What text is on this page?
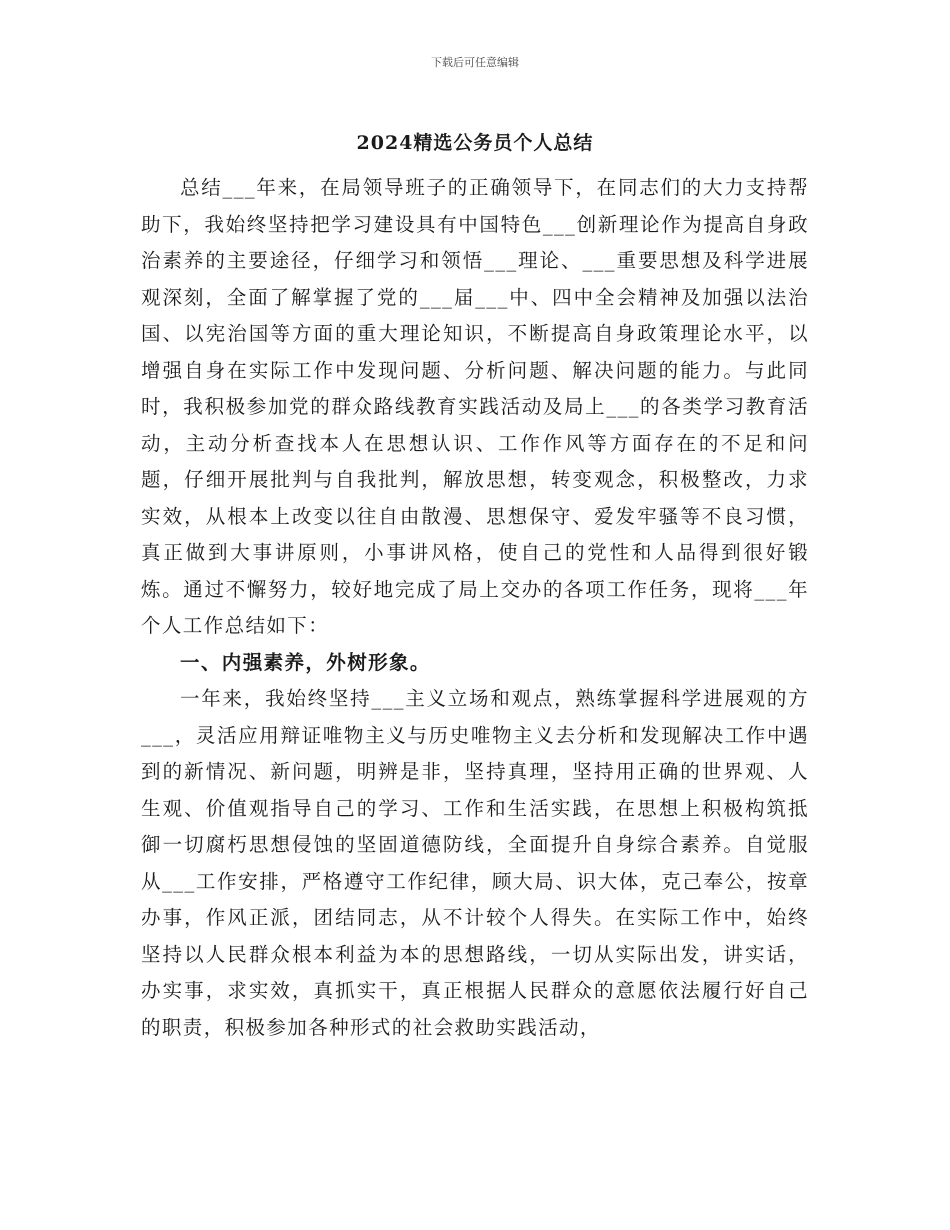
下载后可任意编辑
2024精选公务员个人总结

总结___年来，在局领导班子的正确领导下，在同志们的大力支持帮助下，我始终坚持把学习建设具有中国特色___创新理论作为提高自身政治素养的主要途径，仔细学习和领悟___理论、___重要思想及科学进展观深刻，全面了解掌握了党的___届___中、四中全会精神及加强以法治国、以宪治国等方面的重大理论知识，不断提高自身政策理论水平，以增强自身在实际工作中发现问题、分析问题、解决问题的能力。与此同时，我积极参加党的群众路线教育实践活动及局上___的各类学习教育活动，主动分析查找本人在思想认识、工作作风等方面存在的不足和问题，仔细开展批判与自我批判，解放思想，转变观念，积极整改，力求实效，从根本上改变以往自由散漫、思想保守、爱发牢骚等不良习惯，真正做到大事讲原则，小事讲风格，使自己的党性和人品得到很好锻炼。通过不懈努力，较好地完成了局上交办的各项工作任务，现将___年个人工作总结如下：

一、内强素养，外树形象。

一年来，我始终坚持___主义立场和观点，熟练掌握科学进展观的方___，灵活应用辩证唯物主义与历史唯物主义去分析和发现解决工作中遇到的新情况、新问题，明辨是非，坚持真理，坚持用正确的世界观、人生观、价值观指导自己的学习、工作和生活实践，在思想上积极构筑抵御一切腐朽思想侵蚀的坚固道德防线，全面提升自身综合素养。自觉服从___工作安排，严格遵守工作纪律，顾大局、识大体，克己奉公，按章办事，作风正派，团结同志，从不计较个人得失。在实际工作中，始终坚持以人民群众根本利益为本的思想路线，一切从实际出发，讲实话，办实事，求实效，真抓实干，真正根据人民群众的意愿依法履行好自己的职责，积极参加各种形式的社会救助实践活动，
